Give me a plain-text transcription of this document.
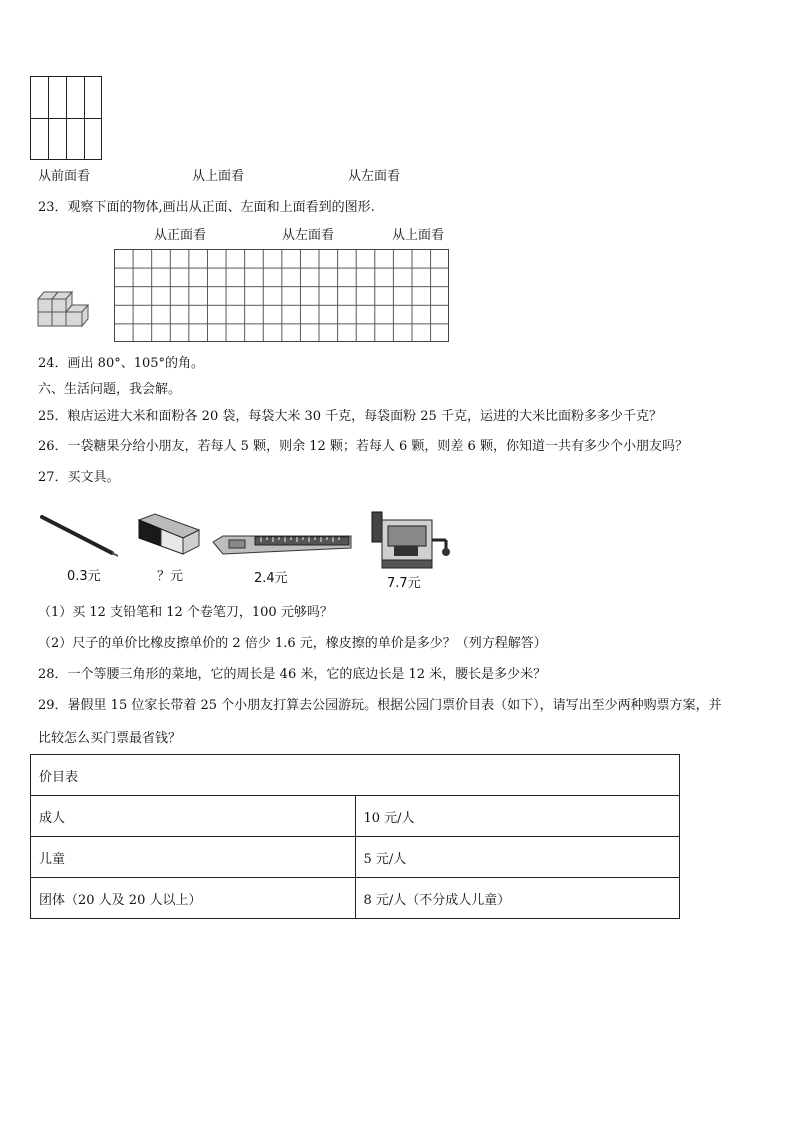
从前面看	从上面看	从左面看
23．观察下面的物体,画出从正面、左面和上面看到的图形.
从正面看	从左面看	从上面看
24．画出 80°、105°的角。
六、生活问题，我会解。
25．粮店运进大米和面粉各 20 袋，每袋大米 30 千克，每袋面粉 25 千克，运进的大米比面粉多多少千克？
26．一袋糖果分给小朋友，若每人 5 颗，则余 12 颗；若每人 6 颗，则差 6 颗，你知道一共有多少个小朋友吗？
27．买文具。
0.3元	？元	2.4元	7.7元
（1）买 12 支铅笔和 12 个卷笔刀，100 元够吗？
（2）尺子的单价比橡皮擦单价的 2 倍少 1.6 元，橡皮擦的单价是多少？（列方程解答）
28．一个等腰三角形的菜地，它的周长是 46 米，它的底边长是 12 米，腰长是多少米？
29．暑假里 15 位家长带着 25 个小朋友打算去公园游玩。根据公园门票价目表（如下），请写出至少两种购票方案，并
比较怎么买门票最省钱？
价目表	
成人	10 元/人
儿童	5 元/人
团体（20 人及 20 人以上）	8 元/人（不分成人儿童）
